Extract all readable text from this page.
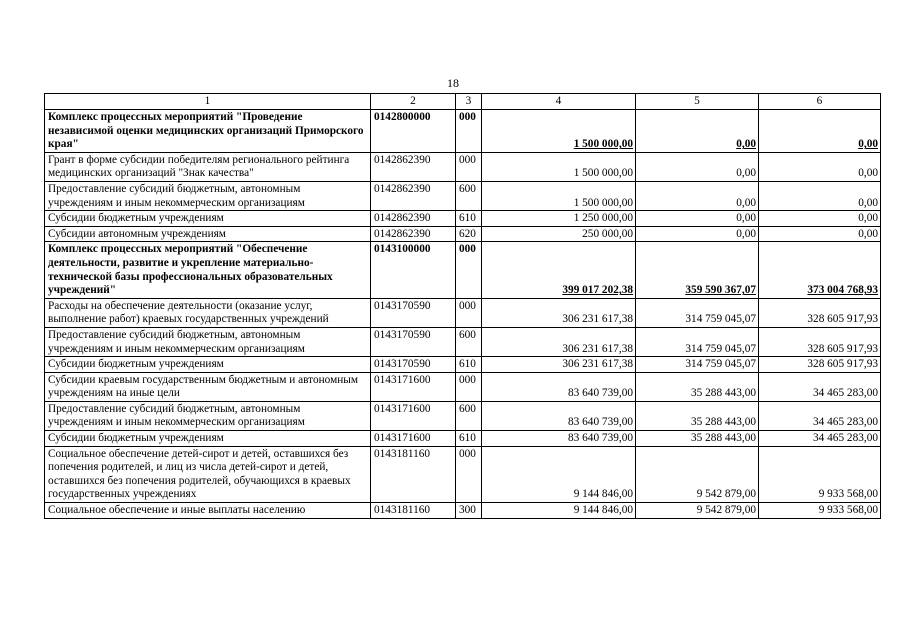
18
1	2	3	4	5	6
Комплекс процессных мероприятий "Проведение независимой оценки медицинских организаций Приморского края"	0142800000	000	1 500 000,00	0,00	0,00
Грант в форме субсидии победителям регионального рейтинга медицинских организаций "Знак качества"	0142862390	000	1 500 000,00	0,00	0,00
Предоставление субсидий бюджетным, автономным учреждениям и иным некоммерческим организациям	0142862390	600	1 500 000,00	0,00	0,00
Субсидии бюджетным учреждениям	0142862390	610	1 250 000,00	0,00	0,00
Субсидии автономным учреждениям	0142862390	620	250 000,00	0,00	0,00
Комплекс процессных мероприятий "Обеспечение деятельности, развитие и укрепление материально-технической базы профессиональных образовательных учреждений"	0143100000	000	399 017 202,38	359 590 367,07	373 004 768,93
Расходы на обеспечение деятельности (оказание услуг, выполнение работ) краевых государственных учреждений	0143170590	000	306 231 617,38	314 759 045,07	328 605 917,93
Предоставление субсидий бюджетным, автономным учреждениям и иным некоммерческим организациям	0143170590	600	306 231 617,38	314 759 045,07	328 605 917,93
Субсидии бюджетным учреждениям	0143170590	610	306 231 617,38	314 759 045,07	328 605 917,93
Субсидии краевым государственным бюджетным и автономным учреждениям на иные цели	0143171600	000	83 640 739,00	35 288 443,00	34 465 283,00
Предоставление субсидий бюджетным, автономным учреждениям и иным некоммерческим организациям	0143171600	600	83 640 739,00	35 288 443,00	34 465 283,00
Субсидии бюджетным учреждениям	0143171600	610	83 640 739,00	35 288 443,00	34 465 283,00
Социальное обеспечение детей-сирот и детей, оставшихся без попечения родителей, и лиц из числа детей-сирот и детей, оставшихся без попечения родителей, обучающихся в краевых государственных учреждениях	0143181160	000	9 144 846,00	9 542 879,00	9 933 568,00
Социальное обеспечение и иные выплаты населению	0143181160	300	9 144 846,00	9 542 879,00	9 933 568,00
